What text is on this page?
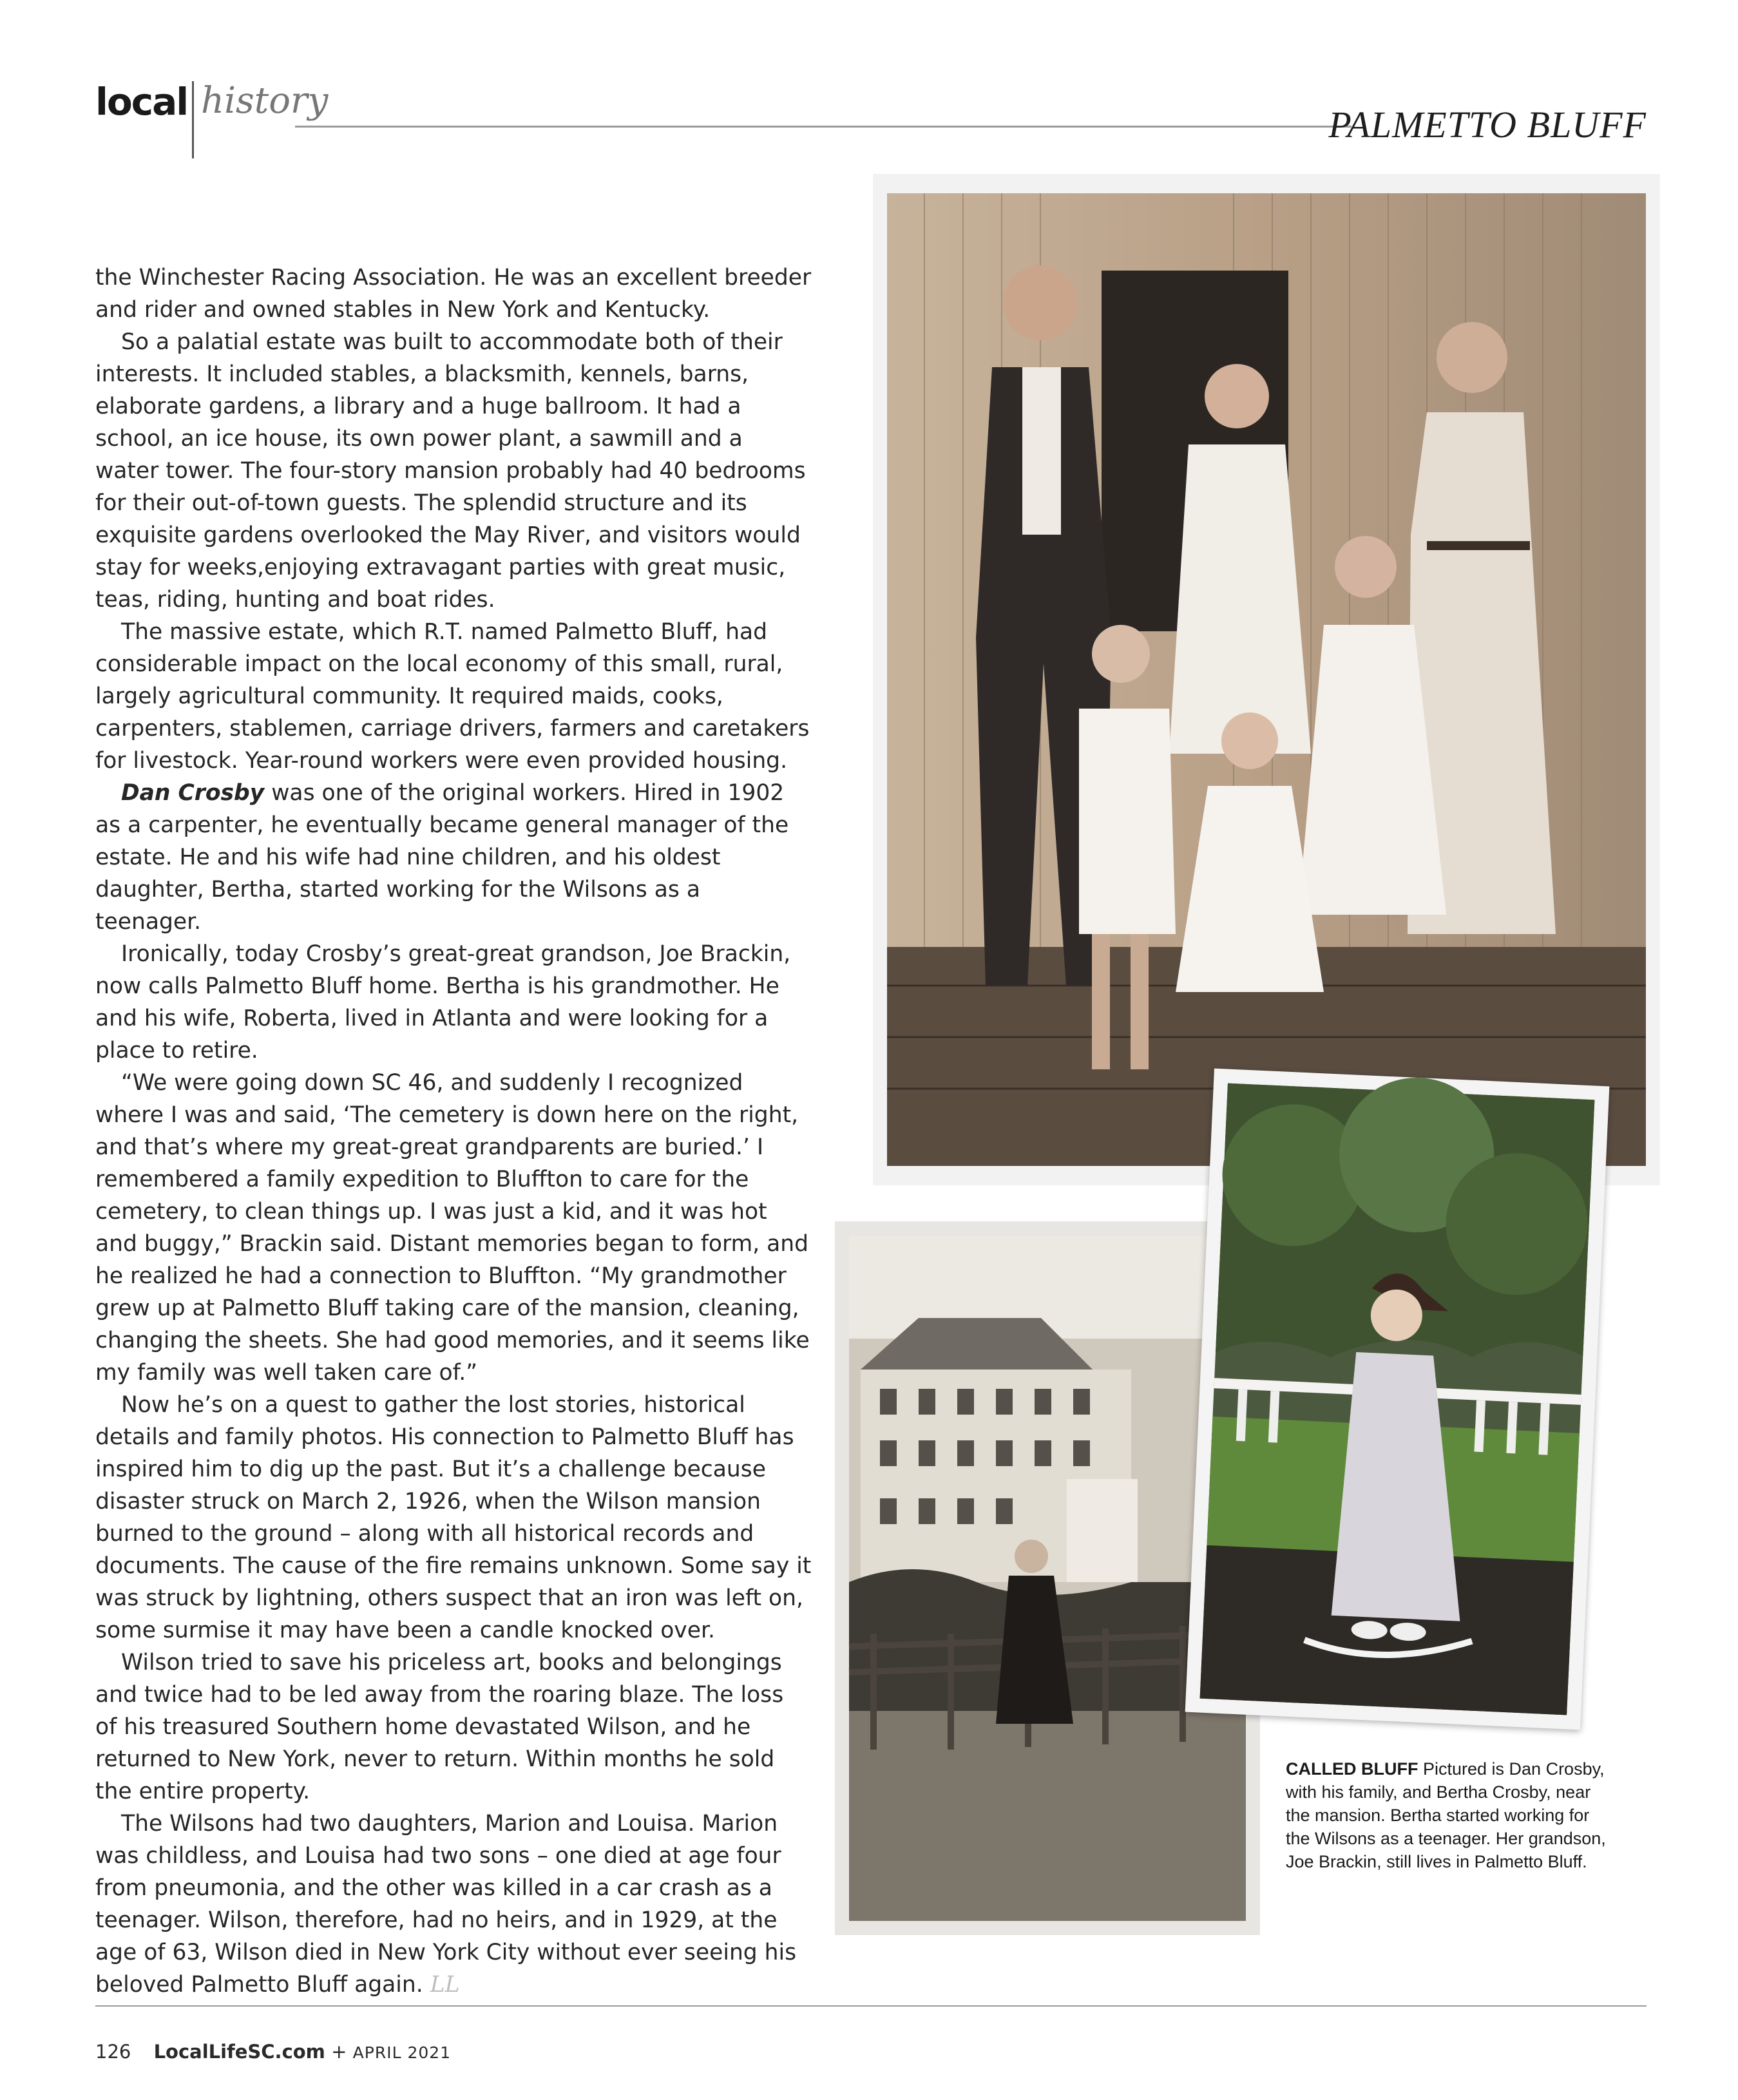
local history
PALMETTO BLUFF

the Winchester Racing Association. He was an excellent breeder and rider and owned stables in New York and Kentucky.

So a palatial estate was built to accommodate both of their interests. It included stables, a blacksmith, kennels, barns, elaborate gardens, a library and a huge ballroom. It had a school, an ice house, its own power plant, a sawmill and a water tower. The four-story mansion probably had 40 bedrooms for their out-of-town guests. The splendid structure and its exquisite gardens overlooked the May River, and visitors would stay for weeks,enjoying extravagant parties with great music, teas, riding, hunting and boat rides.

The massive estate, which R.T. named Palmetto Bluff, had considerable impact on the local economy of this small, rural, largely agricultural community. It required maids, cooks, carpenters, stablemen, carriage drivers, farmers and caretakers for livestock. Year-round workers were even provided housing.

Dan Crosby was one of the original workers. Hired in 1902 as a carpenter, he eventually became general manager of the estate. He and his wife had nine children, and his oldest daughter, Bertha, started working for the Wilsons as a teenager.

Ironically, today Crosby’s great-great grandson, Joe Brackin, now calls Palmetto Bluff home. Bertha is his grandmother. He and his wife, Roberta, lived in Atlanta and were looking for a place to retire.

“We were going down SC 46, and suddenly I recognized where I was and said, ‘The cemetery is down here on the right, and that’s where my great-great grandparents are buried.’ I remembered a family expedition to Bluffton to care for the cemetery, to clean things up. I was just a kid, and it was hot and buggy,” Brackin said. Distant memories began to form, and he realized he had a connection to Bluffton. “My grandmother grew up at Palmetto Bluff taking care of the mansion, cleaning, changing the sheets. She had good memories, and it seems like my family was well taken care of.”

Now he’s on a quest to gather the lost stories, historical details and family photos. His connection to Palmetto Bluff has inspired him to dig up the past. But it’s a challenge because disaster struck on March 2, 1926, when the Wilson mansion burned to the ground – along with all historical records and documents. The cause of the fire remains unknown. Some say it was struck by lightning, others suspect that an iron was left on, some surmise it may have been a candle knocked over.

Wilson tried to save his priceless art, books and belongings and twice had to be led away from the roaring blaze. The loss of his treasured Southern home devastated Wilson, and he returned to New York, never to return. Within months he sold the entire property.

The Wilsons had two daughters, Marion and Louisa. Marion was childless, and Louisa had two sons – one died at age four from pneumonia, and the other was killed in a car crash as a teenager. Wilson, therefore, had no heirs, and in 1929, at the age of 63, Wilson died in New York City without ever seeing his beloved Palmetto Bluff again. LL

CALLED BLUFF Pictured is Dan Crosby, with his family, and Bertha Crosby, near the mansion. Bertha started working for the Wilsons as a teenager. Her grandson, Joe Brackin, still lives in Palmetto Bluff.
126 LocalLifeSC.com + APRIL 2021
